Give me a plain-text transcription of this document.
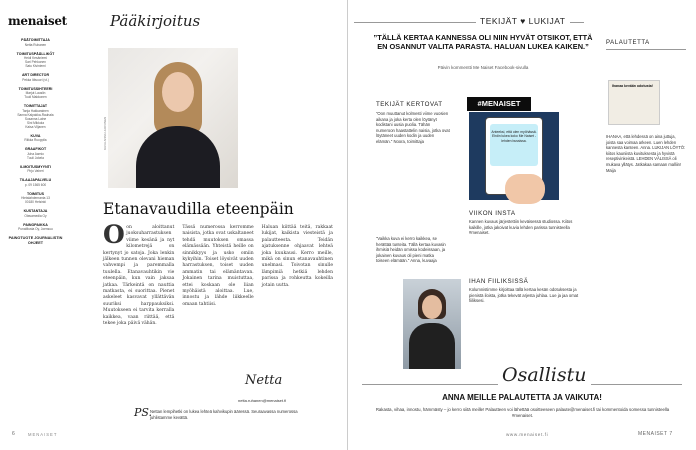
menaiset
PÄÄTOIMITTAJA
Netta Ruhanen
TOIMITUSPÄÄLLIKÖT
Heidi Kesäniemi
Sari Pehkonen
Satu Kiviniemi
ART DIRECTOR
Pekka Itävuori (vt.)
TOIMITUSSIHTEERI
Marjut Lauslin
Tuuli Makkonen
TOIMITTAJAT
Tanja Hakkarainen
Sanna Kalpakka-Rauhala
Susanna Laine
Sini Mikkola
Kaisa Viljanen
KUVA
Riikka Ruoppila
GRAAFIKOT
Juha Aarnio
Tuuli Jokela
ILMOITUSMYYNTI
Pirjo Vaheri
TILAAJAPALVELU
p. 09 1565 600
TOIMITUS
Hietalahdenranta 13
00180 Helsinki
KUSTANTAJA
Otavamedia Oy
PAINOPAIKKA
PunaMusta Oy, Joensuu
PAINOTUOTE JOURNALISTIN OHJEET
Pääkirjoitus
KUVA ANNA HUOVINEN
Etanavaudilla eteenpäin
Oon aloittanut juoksuharrastuksen viime kesänä ja nyt kilometrejä on kertynyt jo satoja. Joka lenkin jälkeen tunnen olevani hieman vahvempi ja paremmalla tuulella. Etanavauhtikin vie eteenpäin, kun vain jaksaa jatkaa. Tärkeintä on nauttia matkasta, ei suorittaa. Pienet askeleet kasvavat yllättävän suuriksi harppauksiksi. Muutokseen ei tarvita kerralla kaikkea, vaan riittää, että tekee joka päivä vähän.
Tässä numerossa kerromme naisista, jotka ovat uskaltaneet tehdä muutoksen omassa elämässään. Yhteistä heille on sinnikkyys ja usko omiin kykyihin. Toiset löysivät uuden harrastuksen, toiset uuden ammatin tai elämäntavan. Jokainen tarina muistuttaa, ettei koskaan ole liian myöhäistä aloittaa. Lue, innostu ja lähde liikkeelle omaan tahtiisi.
Haluan kiittää teitä, rakkaat lukijat, kaikista viesteistä ja palautteesta. Teidän ajatuksenne ohjaavat lehteä joka kuukausi. Kerro meille, mikä on sinun etanavauhtinen unelmasi. Toivotan sinulle lämpimiä hetkiä lehden parissa ja rohkeutta kokeilla jotain uutta.
Netta
netta.ruhanen@menaiset.fi
PS.
Nettan lempihetki on lukea lehteä kahvikupin ääressä. Seuraavassa numerossa juhlistamme kevättä.
6	MENAISET
TEKIJÄT ♥ LUKIJAT
”TÄLLÄ KERTAA KANNESSA OLI NIIN HYVÄT OTSIKOT, ETTÄ EN OSANNUT VALITA PARASTA. HALUAN LUKEA KAIKEN.”
Päivin kommentti Me Naiset Facebook-sivulla
TEKIJÄT KERTOVAT
”Oon muuttanut kolmesti viime vuosien aikana ja joka kerta olen löytänyt kodistani uusia puolia. Tähän numeroon haastattelin naisia, jotka ovat löytäneet uuden kodin ja uuden elämän.” Noora, toimittaja
”Vaikka kuva ei kerro kaikkea, se herättää tunteita. Tällä kertaa kuvasin ihmisiä heidän omissa kodeissaan, ja jokainen kuvaus oli pieni matka toiseen elämään.” Anna, kuvaaja
#MENAISET
Anteeksi, että olen myöhässä. Ehdin lukea koko Me Naiset -lehden bussissa.
VIIKON INSTA
Kannen kuvaus järjestettiin keväisessä studiossa. Kiitos kaikille, jotka jakoivat kuvia lehden parissa tunnisteella #menaiset.
IHAN FIILIKSISSÄ
Kolumnistimme kirjoittaa tällä kertaa kesän odotuksesta ja pienistä iloista, jotka tekevät arjesta juhlaa. Lue ja jaa omat fiiliksesi.
PALAUTETTA
Ihanaa kevään odotusta!
IHANAA, että lehdessä on aina juttuja, joista saa voimaa arkeen. Luen lehden kannesta kanteen. Anna. LUKIJAN LÖYTÖ: kiitos kauniista kuvituksesta ja hyvistä reseptivinkeistä. LEHDEN VÄLISSÄ oli mukava yllätys. Jatkakaa samaan malliin! Maija
Osallistu
ANNA MEILLE PALAUTETTA JA VAIKUTA!
Rakasta, vihaa, innostu, hämmästy – jo kerro siitä meille! Palautteen voi lähettää osoitteeseen palaute@menaiset.fi tai kommentoida somessa tunnisteella #menaiset.
www.menaiset.fi	MENAISET 7
